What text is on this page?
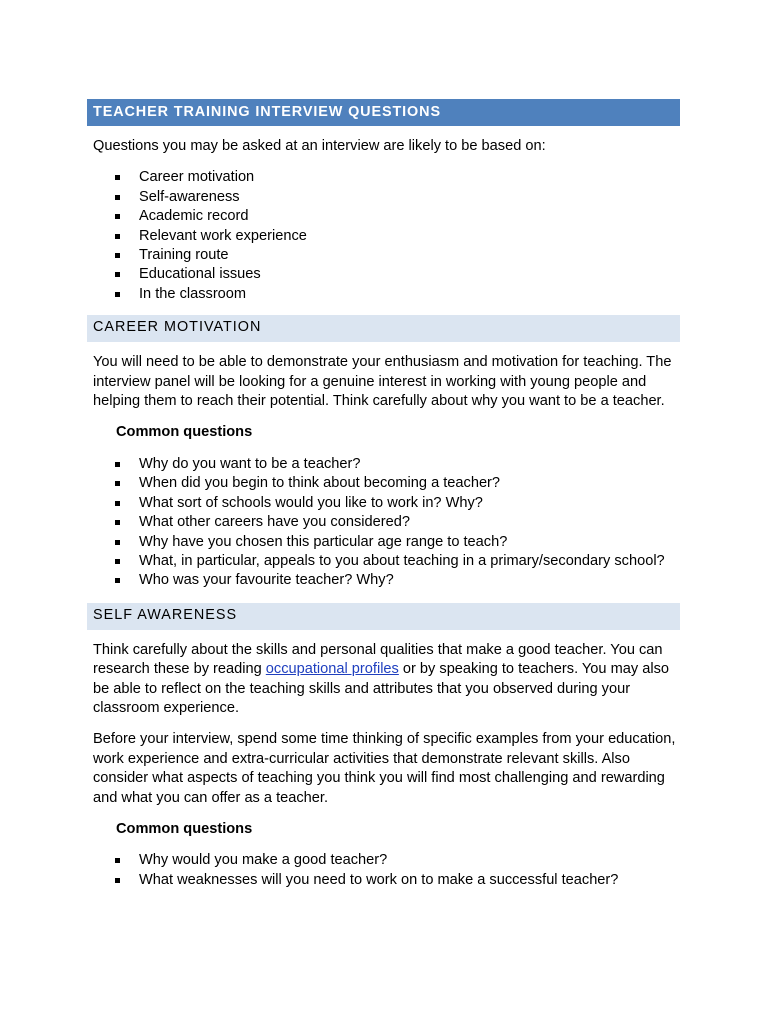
TEACHER TRAINING INTERVIEW QUESTIONS

Questions you may be asked at an interview are likely to be based on:

Career motivation
Self-awareness
Academic record
Relevant work experience
Training route
Educational issues
In the classroom
CAREER MOTIVATION

You will need to be able to demonstrate your enthusiasm and motivation for teaching. The interview panel will be looking for a genuine interest in working with young people and helping them to reach their potential. Think carefully about why you want to be a teacher.

Common questions

Why do you want to be a teacher?
When did you begin to think about becoming a teacher?
What sort of schools would you like to work in? Why?
What other careers have you considered?
Why have you chosen this particular age range to teach?
What, in particular, appeals to you about teaching in a primary/secondary school?
Who was your favourite teacher? Why?
SELF AWARENESS

Think carefully about the skills and personal qualities that make a good teacher. You can research these by reading occupational profiles or by speaking to teachers. You may also be able to reflect on the teaching skills and attributes that you observed during your classroom experience.

Before your interview, spend some time thinking of specific examples from your education, work experience and extra-curricular activities that demonstrate relevant skills. Also consider what aspects of teaching you think you will find most challenging and rewarding and what you can offer as a teacher.

Common questions

Why would you make a good teacher?
What weaknesses will you need to work on to make a successful teacher?
